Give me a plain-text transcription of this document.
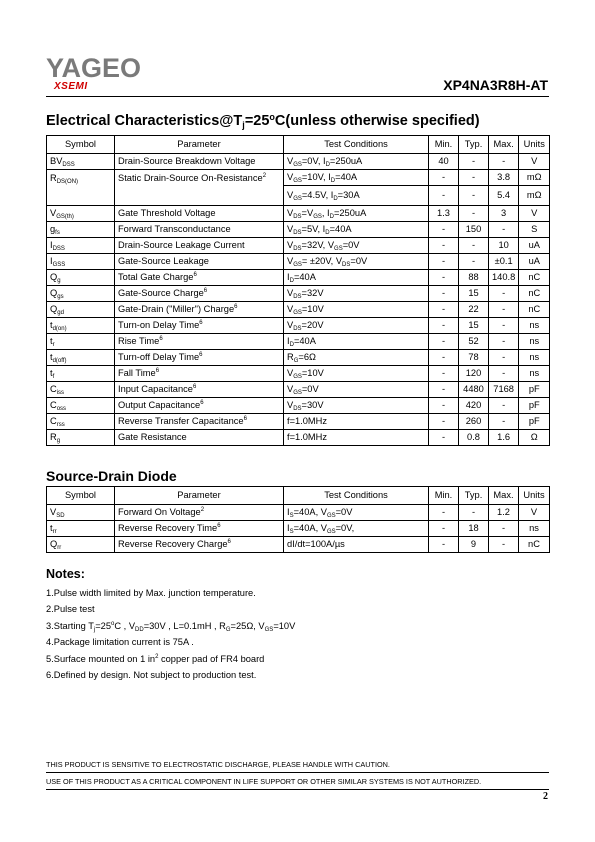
YAGEO
XSEMI	XP4NA3R8H-AT
Electrical $Characteristics@T_j=25^oC(unless$ otherwise specified)
Symbol	Parameter	Test Conditions	Min.	Typ.	Max.	Units
$BV_{DSS}$	Drain-Source Breakdown Voltage	$V_{GS}=0V$, $I_D=250uA$	40	-	-	V
$R_{DS(ON)}$	Static Drain-Source On-Resistance$^2$	$V_{GS}=10V$, $I_D=40A$	-	-	3.8	mΩ
		$V_{GS}=4.5V$, $I_D=30A$	-	-	5.4	mΩ
$V_{GS(th)}$	Gate Threshold Voltage	$V_{DS}=V_{GS}$, $I_D=250uA$	1.3	-	3	V
$g_{fs}$	Forward Transconductance	$V_{DS}=5V$, $I_D=40A$	-	150	-	S
$I_{DSS}$	Drain-Source Leakage Current	$V_{DS}=32V$, $V_{GS}=0V$	-	-	10	uA
$I_{GSS}$	Gate-Source Leakage	$V_{GS}= \pm 20V$, $V_{DS}=0V$	-	-	±0.1	uA
$Q_g$	Total Gate Charge$^6$	$I_D=40A$	-	88	140.8	nC
$Q_{gs}$	Gate-Source Charge$^6$	$V_{DS}=32V$	-	15	-	nC
$Q_{gd}$	Gate-Drain ("Miller") Charge$^6$	$V_{GS}=10V$	-	22	-	nC
$t_{d(on)}$	Turn-on Delay Time$^6$	$V_{DS}=20V$	-	15	-	ns
$t_r$	Rise Time$^6$	$I_D=40A$	-	52	-	ns
$t_{d(off)}$	Turn-off Delay Time$^6$	$R_G=6\Omega$	-	78	-	ns
$t_f$	Fall Time$^6$	$V_{GS}=10V$	-	120	-	ns
$C_{iss}$	Input Capacitance$^6$	$V_{GS}=0V$	-	4480	7168	pF
$C_{oss}$	Output Capacitance$^6$	$V_{DS}=30V$	-	420	-	pF
$C_{rss}$	Reverse Transfer Capacitance$^6$	f=1.0MHz	-	260	-	pF
$R_g$	Gate Resistance	f=1.0MHz	-	0.8	1.6	Ω
Source-Drain Diode
Symbol	Parameter	Test Conditions	Min.	Typ.	Max.	Units
$V_{SD}$	Forward On Voltage$^2$	$I_S=40A$, $V_{GS}=0V$	-	-	1.2	V
$t_{rr}$	Reverse Recovery Time$^6$	$I_S=40A$, $V_{GS}=0V$,	-	18	-	ns
$Q_{rr}$	Reverse Recovery Charge$^6$	dI/dt=100A/µs	-	9	-	nC
Notes:
1.Pulse width limited by Max. junction temperature.
2.Pulse test
3.Starting $T_j=25^oC$ , $V_{DD}=30V$ , L=0.1mH , $R_G=25\Omega$, $V_{GS}=10V$
4.Package limitation current is 75A .
5.Surface mounted on 1 $in^2$ copper pad of FR4 board
6.Defined by design. Not subject to production test.
THIS PRODUCT IS SENSITIVE TO ELECTROSTATIC DISCHARGE, PLEASE HANDLE WITH CAUTION.
USE OF THIS PRODUCT AS A CRITICAL COMPONENT IN LIFE SUPPORT OR OTHER SIMILAR SYSTEMS IS NOT AUTHORIZED.
2
